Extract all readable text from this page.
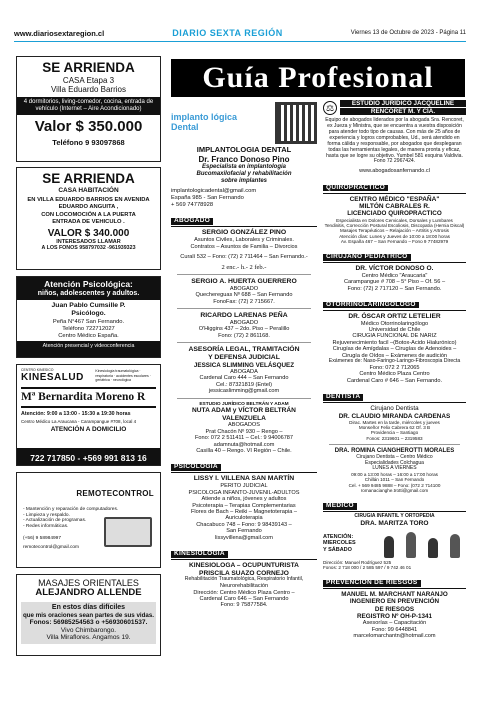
www.diariosextaregion.cl	DIARIO SEXTA REGIÓN	Viernes 13 de Octubre de 2023 - Página 11
SE ARRIENDA
CASA Etapa 3
Villa Eduardo Barrios
4 dormitorios, living-comedor, cocina, entrada de vehículo (Internet – Aire Acondicionado)
Valor $ 350.000
Teléfono 9 93097868
SE ARRIENDA
CASA HABITACIÓN
EN VILLA EDUARDO BARRIOS EN AVENIDA
EDUARDO ANGUITA ,
CON LOCOMOCIÓN A LA PUERTA
ENTRADA DE VEHICULO .
VALOR $ 340.000
INTERESADOS LLAMAR
A LOS FONOS 958797032 -961939323
Atención Psicológica:
niños, adolescentes y adultos.
Juan Pablo Cumsille P.
Psicólogo.
Peña N°467 San Fernando.
Teléfono 722712027
Centro Médico España.
Atención presencial y videoconferencia
CENTRO KINESICO
KINESALUD
Kinesiología traumatológica · respiratoria · accidentes escolares · geriátrica · neurológica
Mª Bernardita Moreno R
Atención: 9:00 a 13:00 - 15:30 a 19:30 horas
Centro Médico La Araucana - Carampangue #708, local 4
ATENCIÓN A DOMICILIO
722 717850 - +569 991 813 16
REMOTECONTROL
- Mantención y reparación de computadores.
- Limpieza y respaldo.
- Actualización de programas.
- Redes informáticas.
(+56) 9 58984997
remotecontrol@gmail.com
MASAJES ORIENTALES
ALEJANDRO ALLENDE
En estos días difíciles
que mis oraciones sean partes de sus vidas.
Fonos: 56985254563 o +56930601537.
Vivo Chimbarongo.
Villa Miraflores. Angamos 19.
Guía Profesional
implanto lógica Dental
IMPLANTOLOGIA DENTAL
Dr. Franco Donoso Pino
Especialista en implantología
Bucomaxilofacial y rehabilitación
sobre implantes
implantologicadental@gmail.com
España 985 - San Fernando
+ 569 74778928
ABOGADO
SERGIO GONZÁLEZ PINO
Asuntos Civiles, Laborales y Criminales.
Contratos – Asuntos de Familia – Divorcios
Curalí 532 – Fono: (72) 2 711464 – San Fernando.-
2 enc.- h.- 2 feb.-
SERGIO A. HUERTA GUERRERO
ABOGADO
Quechereguas Nº 688 – San Fernando
FonoFax: (72) 2 715667.
RICARDO LARENAS PEÑA
ABOGADO
O'Higgins 437 – 2do. Piso – Peralillo
Fono: (72) 2 861168.
ASESORÍA LEGAL, TRAMITACIÓN
Y DEFENSA JUDICIAL
JESSICA SLIMMING VELÁSQUEZ
ABOGADA
Cardenal Caro 444 – San Fernando
Cel.: 87321819 (Entel)
jessicaslimming@gmail.com
ESTUDIO JURÍDICO BELTRÁN Y ADAM
NUTA ADAM y VÍCTOR BELTRÁN
VALENZUELA
ABOGADOS
Prat Chacón Nº 930 – Rengo –
Fono: 072 2 511411 – Cel.: 9 94006787
adamnuta@hotmail.com
Casilla 40 – Rengo. VI Región – Chile.
PSICOLOGÍA
LISSY I. VILLENA SAN MARTÍN
PERITO JUDICIAL
PSICOLOGA INFANTO-JUVENIL-ADULTOS
Atiende a niños, jóvenes y adultos
Psicoterapia – Terapias Complementarias
Flores de Bach – Reiki – Magnetoterapia –
Auriculoterapia
Chacabuco 748 – Fono: 9 98439143 –
San Fernando
lissyvillena@gmail.com
KINESIOLOGÍA
KINESIOLOGA – OCUPUNTURISTA
PRISCILA SUAZO CORNEJO
Rehabilitación Traumatológica, Respiratorio Infantil,
Neurorehabilitación
Dirección: Centro Médico Plaza Centro –
Cardenal Caro 646 – San Fernando
Fono: 9 75877584.
⚖	ESTUDIO JURÍDICO JACQUELINE
RENCORET M. Y CÍA.
Equipo de abogados liderados por la abogada Sra. Rencoret, ex Jueza y Ministra, que se encuentra a vuestra disposición para atender todo tipo de causas. Con más de 25 años de experiencia y logros comprobables, Ud., será atendido en forma cálida y responsable, por abogados que desplegaran todas las herramientas legales, de manera pronta y eficaz, hasta que se logre su objetivo. Yumbel 581 esquina Valdivia. Fono 72 2967424.
www.abogadosanfernando.cl
QUIROPRÁCTICO
CENTRO MÉDICO "ESPAÑA"
MILTÓN CABRALES R.
LICENCIADO QUIROPRACTICO
Especialista en Dolores Cervicales, Dorsales y Lumbares
Tendinitis, Corrección Postural Escoliosis, Discopatía (Hernia Discal)
Masajes Terapéuticos – Relajación – Artritis y Artrosis
Atención días: Lunes y Jueves de 10:00 a 18:00 horas
Av. España 467 – San Fernando – Fono 9 77482979
CIRUJANO PEDIÁTRICO
DR. VÍCTOR DONOSO O.
Centro Médico "Araucaria"
Carampangue # 708 – 5° Piso – Of. 56 –
Fono: (72) 2 717120 – San Fernando.
OTORRINOLARINGÓLOGO
DR. ÓSCAR ORTIZ LETELIER
Médico Otorrinolaringólogo
Universidad de Chile
CIRUGIA FUNCIONAL DE NARIZ
Rejuvenecimiento facil –(Botox-Acido Hialurónico)
Cirugías de Amígdalas – Cirugías de Adenoides –
Cirugía de Oídos – Exámenes de audición
Exámenes de: Naso-Faringo-Laringo-Fibroscopia Directa
Fono: 072 2 712065
Centro Médico Plaza Centro
Cardenal Caro # 646 – San Fernando.
DENTISTA
Cirujano Dentista
DR. CLAUDIO MIRANDA CARDENAS
Dirac. Martes en la tarde, miércoles y jueves
Monseñor Felix Cabrera 62 Of. 3 B
Providencia – Santiago
Fonos: 2319601 – 2319583
DRA. ROMINA CIANGHEROTTI MORALES
Cirujano Dentista – Centro Médico
Especialidades Colchagua
LUNES A VIERNES
09:00 a 13:00 horas – 16:00 a 17:00 horas
Chillán 1011 – San Fernando
Cel. + 569 9485 9888 – Fono: (072 2 714100
romanacianghe.trotti@gmail.com
MÉDICO
CIRUGIA INFANTIL Y ORTOPEDIA
DRA. MARITZA TORO
ATENCIÓN:
MIERCOLES
Y SÁBADO
Dirección: Manuel Rodríguez 525
Fonos: 2 718 000 / 2 585 597 / 9 742 46 01
PREVENCIÓN DE RIESGOS
MANUEL M. MARCHANT NARANJO
INGENIERO EN PREVENCIÓN
DE RIESGOS
REGISTRO Nº OH-P-1341
Asesorías – Capacitación
Fono: 99 6448841
marcelomarchantn@hotmail.com
